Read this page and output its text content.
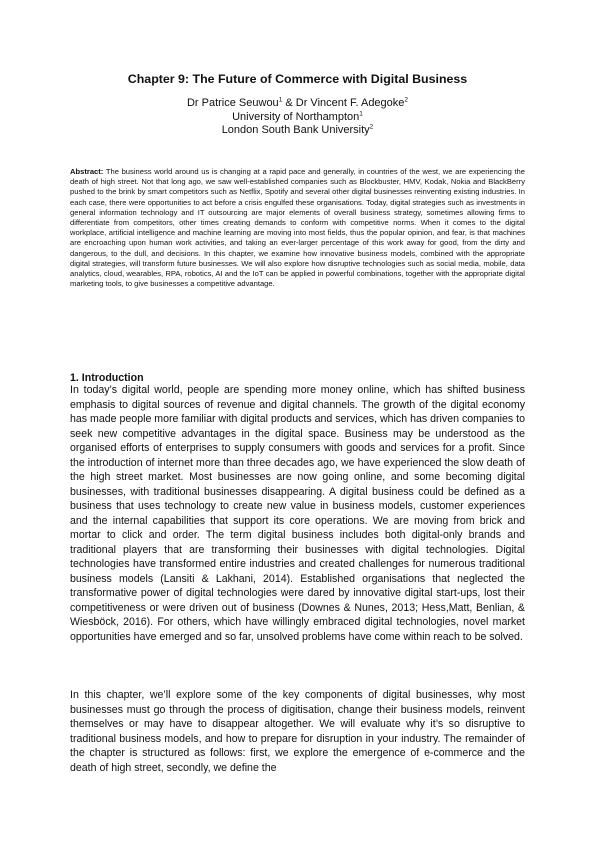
Chapter 9: The Future of Commerce with Digital Business
Dr Patrice Seuwou$^1$ & Dr Vincent F. Adegoke$^2$
University of Northampton$^1$
London South Bank University$^2$

Abstract: The business world around us is changing at a rapid pace and generally, in countries of the west, we are experiencing the death of high street. Not that long ago, we saw well-established companies such as Blockbuster, HMV, Kodak, Nokia and BlackBerry pushed to the brink by smart competitors such as Netflix, Spotify and several other digital businesses reinventing existing industries. In each case, there were opportunities to act before a crisis engulfed these organisations. Today, digital strategies such as investments in general information technology and IT outsourcing are major elements of overall business strategy, sometimes allowing firms to differentiate from competitors, other times creating demands to conform with competitive norms. When it comes to the digital workplace, artificial intelligence and machine learning are moving into most fields, thus the popular opinion, and fear, is that machines are encroaching upon human work activities, and taking an ever-larger percentage of this work away for good, from the dirty and dangerous, to the dull, and decisions. In this chapter, we examine how innovative business models, combined with the appropriate digital strategies, will transform future businesses. We will also explore how disruptive technologies such as social media, mobile, data analytics, cloud, wearables, RPA, robotics, AI and the IoT can be applied in powerful combinations, together with the appropriate digital marketing tools, to give businesses a competitive advantage.

1. Introduction

In today’s digital world, people are spending more money online, which has shifted business emphasis to digital sources of revenue and digital channels. The growth of the digital economy has made people more familiar with digital products and services, which has driven companies to seek new competitive advantages in the digital space. Business may be understood as the organised efforts of enterprises to supply consumers with goods and services for a profit. Since the introduction of internet more than three decades ago, we have experienced the slow death of the high street market. Most businesses are now going online, and some becoming digital businesses, with traditional businesses disappearing. A digital business could be defined as a business that uses technology to create new value in business models, customer experiences and the internal capabilities that support its core operations. We are moving from brick and mortar to click and order. The term digital business includes both digital-only brands and traditional players that are transforming their businesses with digital technologies. Digital technologies have transformed entire industries and created challenges for numerous traditional business models (Lansiti & Lakhani, 2014). Established organisations that neglected the transformative power of digital technologies were dared by innovative digital start-ups, lost their competitiveness or were driven out of business (Downes & Nunes, 2013; Hess,Matt, Benlian, & Wiesböck, 2016). For others, which have willingly embraced digital technologies, novel market opportunities have emerged and so far, unsolved problems have come within reach to be solved.

In this chapter, we’ll explore some of the key components of digital businesses, why most businesses must go through the process of digitisation, change their business models, reinvent themselves or may have to disappear altogether. We will evaluate why it’s so disruptive to traditional business models, and how to prepare for disruption in your industry. The remainder of the chapter is structured as follows: first, we explore the emergence of e-commerce and the death of high street, secondly, we define the
